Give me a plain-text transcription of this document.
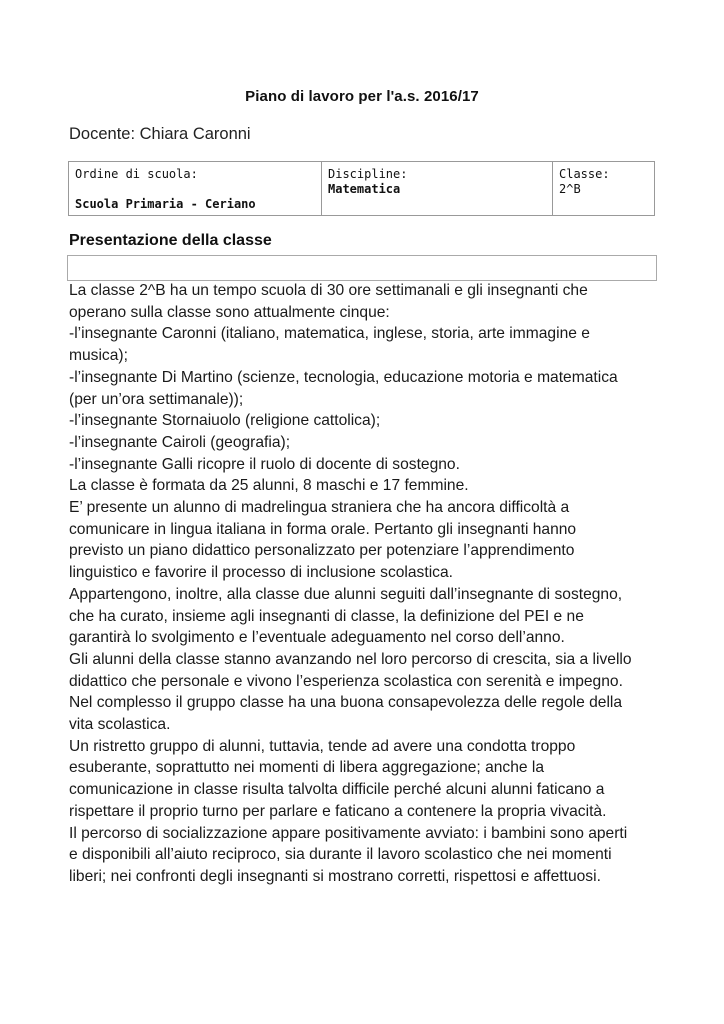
Piano di lavoro per l'a.s. 2016/17
Docente: Chiara Caronni
Ordine di scuola:
Scuola Primaria - Ceriano
Discipline:
Matematica
Classe:
2^B
Presentazione della classe
La classe 2^B ha un tempo scuola di 30 ore settimanali e gli insegnanti che
operano sulla classe sono attualmente cinque:
-l’insegnante Caronni (italiano, matematica, inglese, storia, arte immagine e
musica);
-l’insegnante Di Martino (scienze, tecnologia, educazione motoria e matematica
(per un’ora settimanale));
-l’insegnante Stornaiuolo (religione cattolica);
-l’insegnante Cairoli (geografia);
-l’insegnante Galli ricopre il ruolo di docente di sostegno.
La classe è formata da 25 alunni, 8 maschi e 17 femmine.
E’ presente un alunno di madrelingua straniera che ha ancora difficoltà a
comunicare in lingua italiana in forma orale. Pertanto gli insegnanti hanno
previsto un piano didattico personalizzato per potenziare l’apprendimento
linguistico e favorire il processo di inclusione scolastica.
Appartengono, inoltre, alla classe due alunni seguiti dall’insegnante di sostegno,
che ha curato, insieme agli insegnanti di classe, la definizione del PEI e ne
garantirà lo svolgimento e l’eventuale adeguamento nel corso dell’anno.
Gli alunni della classe stanno avanzando nel loro percorso di crescita, sia a livello
didattico che personale e vivono l’esperienza scolastica con serenità e impegno.
Nel complesso il gruppo classe ha una buona consapevolezza delle regole della
vita scolastica.
Un ristretto gruppo di alunni, tuttavia, tende ad avere una condotta troppo
esuberante, soprattutto nei momenti di libera aggregazione; anche la
comunicazione in classe risulta talvolta difficile perché alcuni alunni faticano a
rispettare il proprio turno per parlare e faticano a contenere la propria vivacità.
Il percorso di socializzazione appare positivamente avviato: i bambini sono aperti
e disponibili all’aiuto reciproco, sia durante il lavoro scolastico che nei momenti
liberi; nei confronti degli insegnanti si mostrano corretti, rispettosi e affettuosi.
